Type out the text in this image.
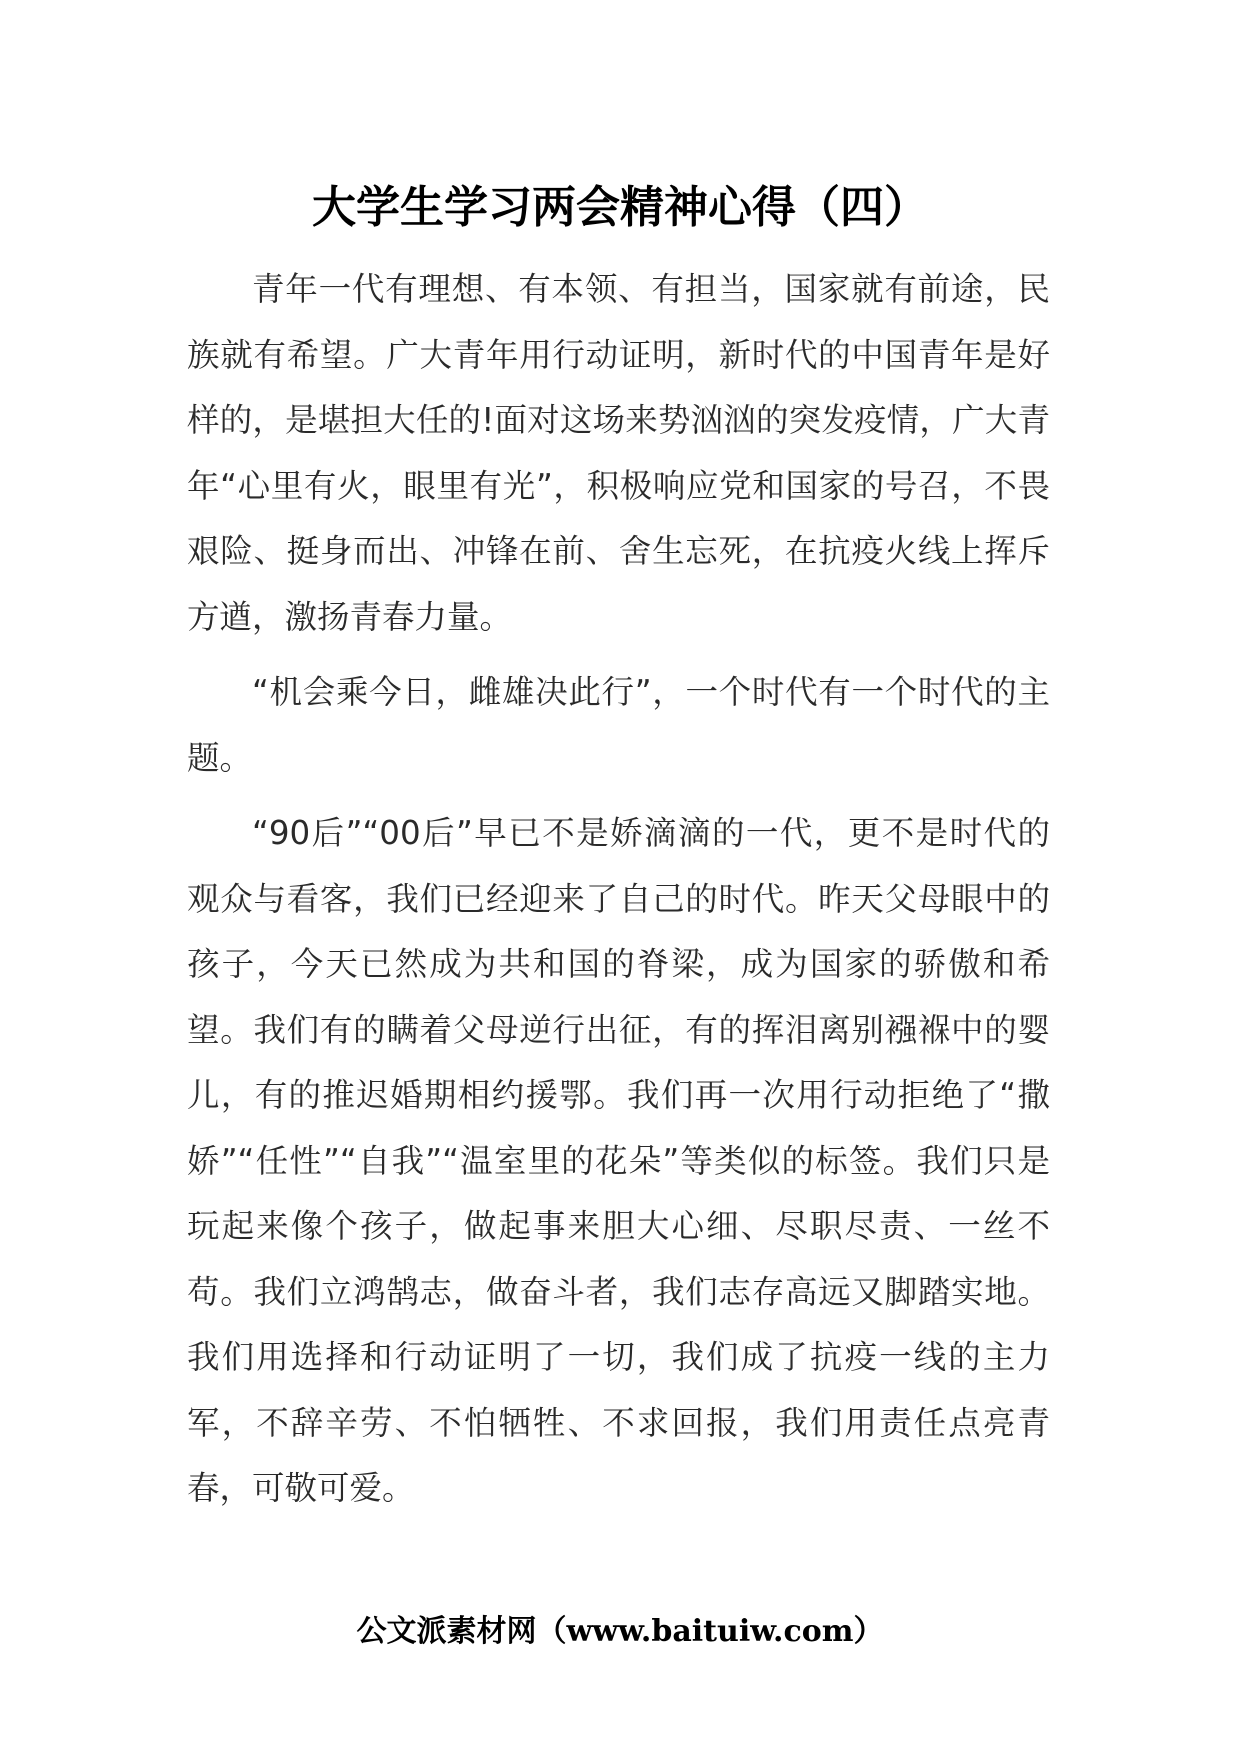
大学生学习两会精神心得（四）

青年一代有理想、有本领、有担当，国家就有前途，民族就有希望。广大青年用行动证明，新时代的中国青年是好样的，是堪担大任的!面对这场来势汹汹的突发疫情，广大青年“心里有火，眼里有光”，积极响应党和国家的号召，不畏艰险、挺身而出、冲锋在前、舍生忘死，在抗疫火线上挥斥方遒，激扬青春力量。

“机会乘今日，雌雄决此行”，一个时代有一个时代的主题。

“90后”“00后”早已不是娇滴滴的一代，更不是时代的观众与看客，我们已经迎来了自己的时代。昨天父母眼中的孩子，今天已然成为共和国的脊梁，成为国家的骄傲和希望。我们有的瞒着父母逆行出征，有的挥泪离别襁褓中的婴儿，有的推迟婚期相约援鄂。我们再一次用行动拒绝了“撒娇”“任性”“自我”“温室里的花朵”等类似的标签。我们只是玩起来像个孩子，做起事来胆大心细、尽职尽责、一丝不苟。我们立鸿鹄志，做奋斗者，我们志存高远又脚踏实地。我们用选择和行动证明了一切，我们成了抗疫一线的主力军，不辞辛劳、不怕牺牲、不求回报，我们用责任点亮青春，可敬可爱。

公文派素材网（www.baituiw.com）
